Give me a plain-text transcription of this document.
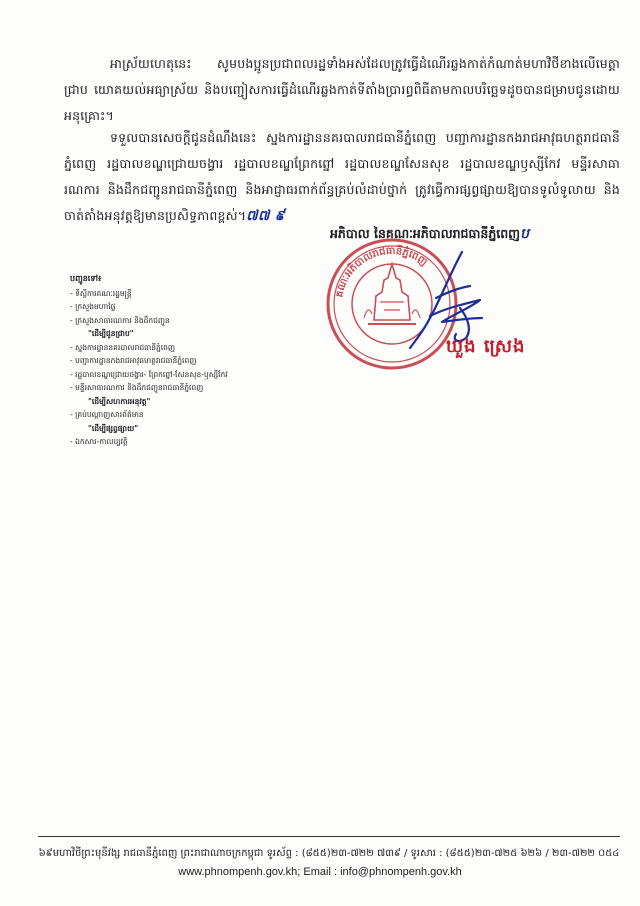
អាស្រ័យហេតុនេះ សូមបងប្អូនប្រជាពលរដ្ឋទាំងអស់ដែលត្រូវធ្វើដំណើរឆ្លងកាត់កំណាត់មហាវិថីខាងលើមេត្តាជ្រាប យោគយល់អធ្យាស្រ័យ និងបញ្ជៀសការធ្វើដំណើរឆ្លងកាត់ទីតាំងប្រារព្ធពិធីតាមកាលបរិច្ឆេទដូចបានជម្រាបជូនដោយអនុគ្រោះ។

ទទួលបានសេចក្តីជូនដំណឹងនេះ ស្នងការដ្ឋាននគរបាលរាជធានីភ្នំពេញ បញ្ជាការដ្ឋានកងរាជអាវុធហត្ថរាជធានីភ្នំពេញ រដ្ឋបាលខណ្ឌជ្រោយចង្វារ រដ្ឋបាលខណ្ឌព្រែកព្នៅ រដ្ឋបាលខណ្ឌសែនសុខ រដ្ឋបាលខណ្ឌឫស្សីកែវ មន្ទីរសាធារណការ និងដឹកជញ្ជូនរាជធានីភ្នំពេញ និងអាជ្ញាធរពាក់ព័ន្ធគ្រប់លំដាប់ថ្នាក់ ត្រូវធ្វើការផ្សព្វផ្សាយឱ្យបានទូលំទូលាយ និងចាត់តាំងអនុវត្តឱ្យមានប្រសិទ្ធភាពខ្ពស់។៧៧ ៩

អភិបាល នៃគណៈអភិបាលរាជធានីភ្នំពេញប
គណៈអភិបាលរាជធានីភ្នំពេញ
ឃួង ស្រេង
បញ្ជូនទៅ៖
- ទីស្តីការគណៈរដ្ឋមន្ត្រី
- ក្រសួងមហាផ្ទៃ
- ក្រសួងសាធារណការ និងដឹកជញ្ជូន
"ដើម្បីជូនជ្រាប"
- ស្នងការដ្ឋាននគរបាលរាជធានីភ្នំពេញ
- បញ្ជាការដ្ឋានកងរាជអាវុធហត្ថរាជធានីភ្នំពេញ
- រដ្ឋបាលខណ្ឌជ្រោយចង្វារ- ព្រែកព្នៅ-សែនសុខ-ឫស្សីកែវ
- មន្ទីរសាធារណការ និងដឹកជញ្ជូនរាជធានីភ្នំពេញ
"ដើម្បីសហការអនុវត្ត"
- គ្រប់បណ្តាញសារព័ត៌មាន
"ដើម្បីផ្សព្វផ្សាយ"
- ឯកសារ-កាលប្បវត្តិ
៦៩មហាវិថីព្រះមុនីវង្ស រាជធានីភ្នំពេញ ព្រះរាជាណាចក្រកម្ពុជា ទូរស័ព្ទ : (៨៥៥)២៣-៧២២ ៧៣៩ / ទូរសារ : (៨៥៥)២៣-៧២៥ ៦២៦ / ២៣-៧២២ ០៥៤
www.phnompenh.gov.kh; Email : info@phnompenh.gov.kh
